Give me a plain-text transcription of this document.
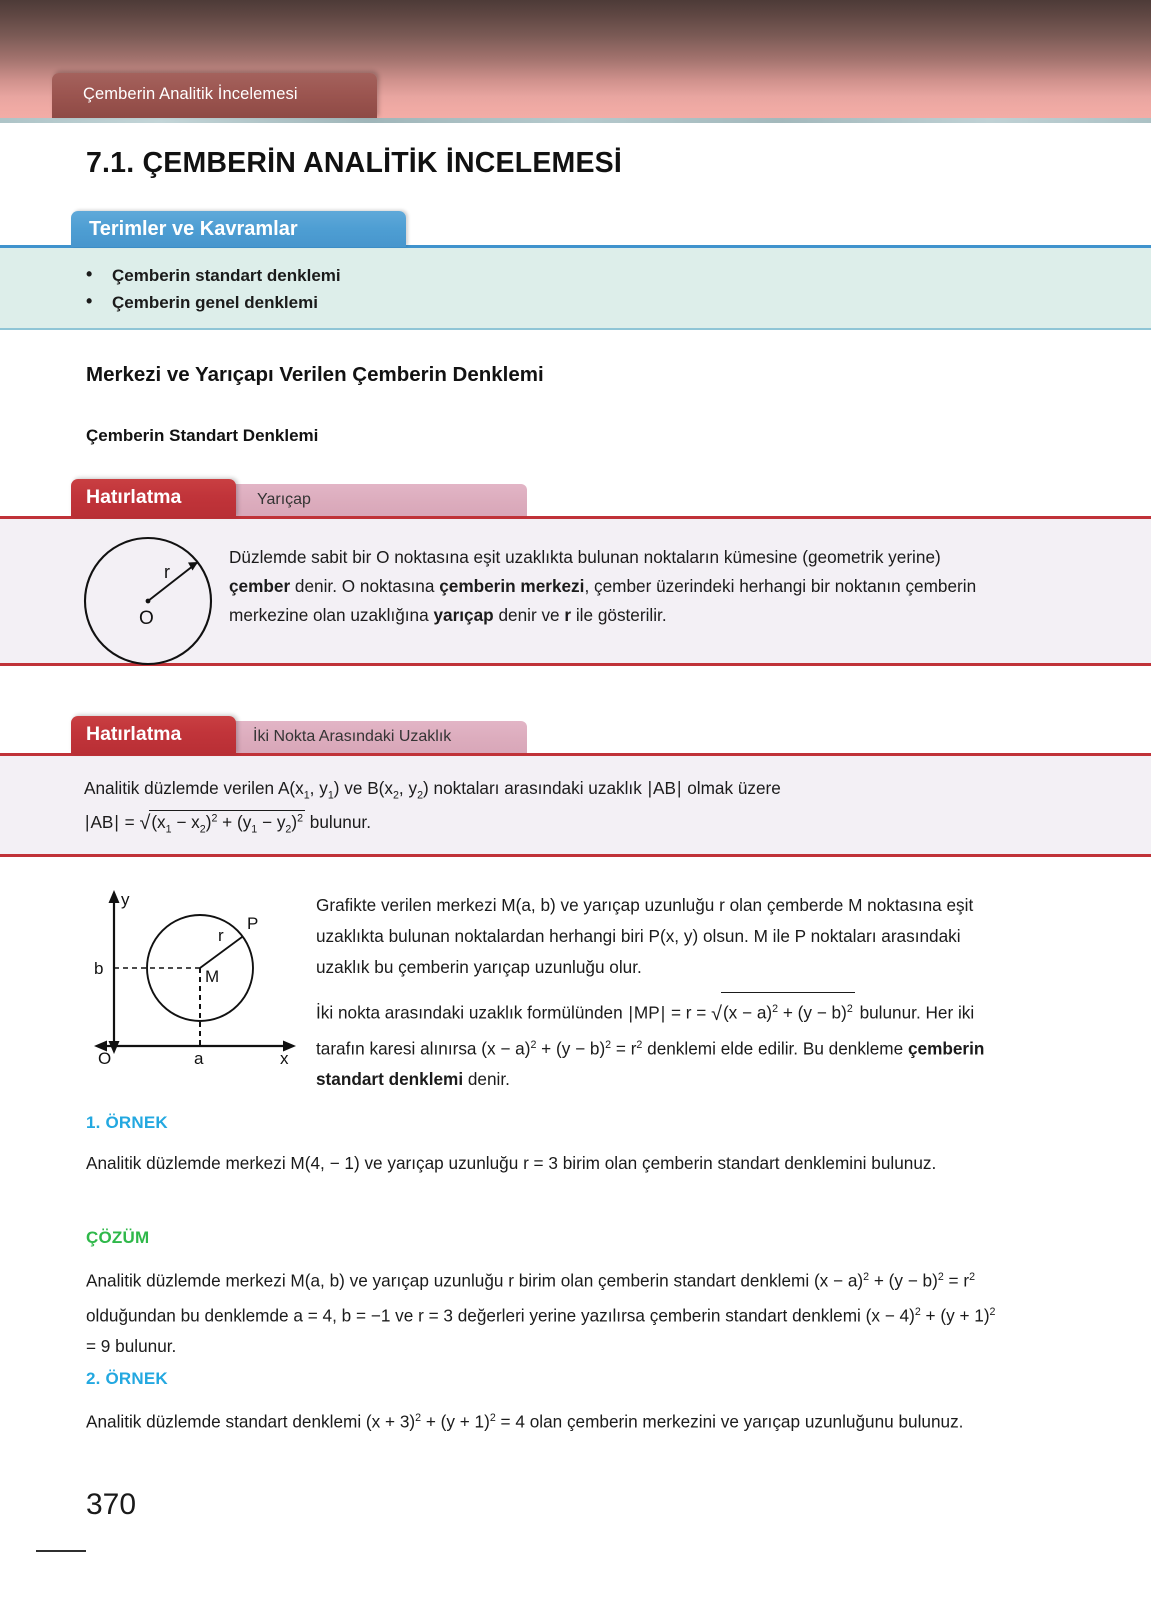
Çemberin Analitik İncelemesi
7.1. ÇEMBERİN ANALİTİK İNCELEMESİ
Terimler ve Kavramlar
• Çemberin standart denklemi
• Çemberin genel denklemi
Merkezi ve Yarıçapı Verilen Çemberin Denklemi
Çemberin Standart Denklemi
Yarıçap
Hatırlatma
r
O
Düzlemde sabit bir O noktasına eşit uzaklıkta bulunan noktaların kümesine (geometrik yerine) çember denir. O noktasına çemberin merkezi, çember üzerindeki herhangi bir noktanın çemberin merkezine olan uzaklığına yarıçap denir ve r ile gösterilir.
İki Nokta Arasındaki Uzaklık
Hatırlatma
Analitik düzlemde verilen $A(x_1$, $y_1$) ve $B(x_2$, $y_2$) noktaları arasındaki uzaklık |AB| olmak üzere
$|AB| = √(x_1 - x_2)^2 + (y_1 - y_2)^2$ bulunur.
y
x
O	a
b	M
P
r
Grafikte verilen merkezi M(a, b) ve yarıçap uzunluğu r olan çemberde M noktasına eşit uzaklıkta bulunan noktalardan herhangi biri P(x, y) olsun. M ile P noktaları arasındaki uzaklık bu çemberin yarıçap uzunluğu olur.
İki nokta arasındaki uzaklık formülünden $|MP| = r = √(x - a)^2 + (y - b)^2$ bulunur. Her iki tarafın karesi alınırsa $(x - a)^2 + (y - b)^2 = r^2$ denklemi elde edilir. Bu denkleme çemberin standart denklemi denir.
1. ÖRNEK
Analitik düzlemde merkezi M(4, − 1) ve yarıçap uzunluğu r = 3 birim olan çemberin standart denklemini bulunuz.
ÇÖZÜM
Analitik düzlemde merkezi M(a, b) ve yarıçap uzunluğu r birim olan çemberin standart denklemi $(x - a)^2 + (y - b)^2 = r^2$ olduğundan bu denklemde a = 4, b = −1 ve r = 3 değerleri yerine yazılırsa çemberin standart denklemi $(x - 4)^2 + (y + 1)^2 = 9$ bulunur.
2. ÖRNEK
Analitik düzlemde standart denklemi $(x + 3)^2 + (y + 1)^2 = 4$ olan çemberin merkezini ve yarıçap uzunluğunu bulunuz.
370
